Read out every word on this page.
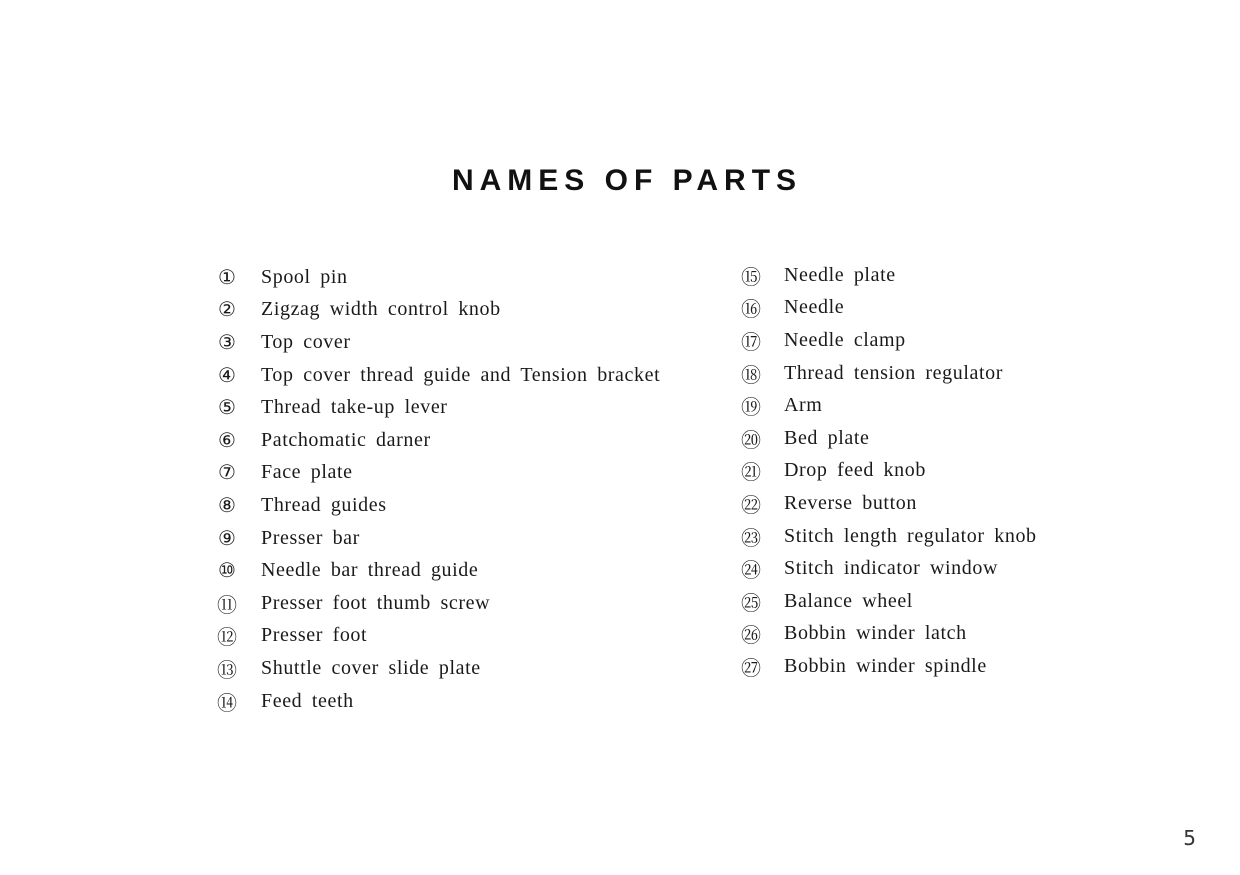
NAMES OF PARTS
① Spool pin
② Zigzag width control knob
③ Top cover
④ Top cover thread guide and Tension bracket
⑤ Thread take-up lever
⑥ Patchomatic darner
⑦ Face plate
⑧ Thread guides
⑨ Presser bar
⑩ Needle bar thread guide
⑪ Presser foot thumb screw
⑫ Presser foot
⑬ Shuttle cover slide plate
⑭ Feed teeth
⑮ Needle plate
⑯ Needle
⑰ Needle clamp
⑱ Thread tension regulator
⑲ Arm
⑳ Bed plate
㉑ Drop feed knob
㉒ Reverse button
㉓ Stitch length regulator knob
㉔ Stitch indicator window
㉕ Balance wheel
㉖ Bobbin winder latch
㉗ Bobbin winder spindle

5
